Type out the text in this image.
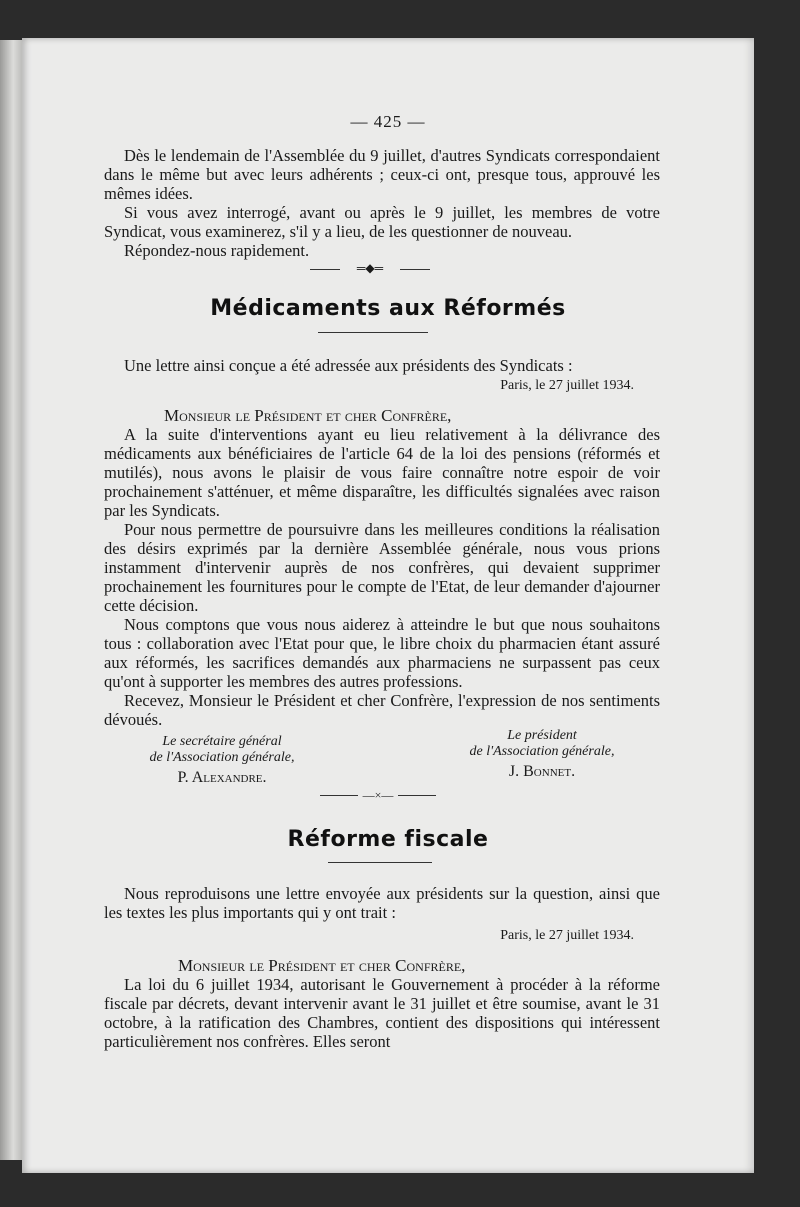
— 425 —

Dès le lendemain de l'Assemblée du 9 juillet, d'autres Syndicats correspondaient dans le même but avec leurs adhérents ; ceux-ci ont, presque tous, approuvé les mêmes idées.

Si vous avez interrogé, avant ou après le 9 juillet, les membres de votre Syndicat, vous examinerez, s'il y a lieu, de les questionner de nouveau.

Répondez-nous rapidement.

═◆═
Médicaments aux Réformés

Une lettre ainsi conçue a été adressée aux présidents des Syndicats :

Paris, le 27 juillet 1934.

Monsieur le Président et cher Confrère,

A la suite d'interventions ayant eu lieu relativement à la délivrance des médicaments aux bénéficiaires de l'article 64 de la loi des pensions (réformés et mutilés), nous avons le plaisir de vous faire connaître notre espoir de voir prochainement s'atténuer, et même disparaître, les difficultés signalées avec raison par les Syndicats.

Pour nous permettre de poursuivre dans les meilleures conditions la réalisation des désirs exprimés par la dernière Assemblée générale, nous vous prions instamment d'intervenir auprès de nos confrères, qui devaient supprimer prochainement les fournitures pour le compte de l'Etat, de leur demander d'ajourner cette décision.

Nous comptons que vous nous aiderez à atteindre le but que nous souhaitons tous : collaboration avec l'Etat pour que, le libre choix du pharmacien étant assuré aux réformés, les sacrifices demandés aux pharmaciens ne surpassent pas ceux qu'ont à supporter les membres des autres professions.

Recevez, Monsieur le Président et cher Confrère, l'expression de nos sentiments dévoués.

Le secrétaire général
de l'Association générale,
P. Alexandre.
Le président
de l'Association générale,
J. Bonnet.
—×—
Réforme fiscale

Nous reproduisons une lettre envoyée aux présidents sur la question, ainsi que les textes les plus importants qui y ont trait :

Paris, le 27 juillet 1934.

Monsieur le Président et cher Confrère,

La loi du 6 juillet 1934, autorisant le Gouvernement à procéder à la réforme fiscale par décrets, devant intervenir avant le 31 juillet et être soumise, avant le 31 octobre, à la ratification des Chambres, contient des dispositions qui intéressent particulièrement nos confrères. Elles seront
